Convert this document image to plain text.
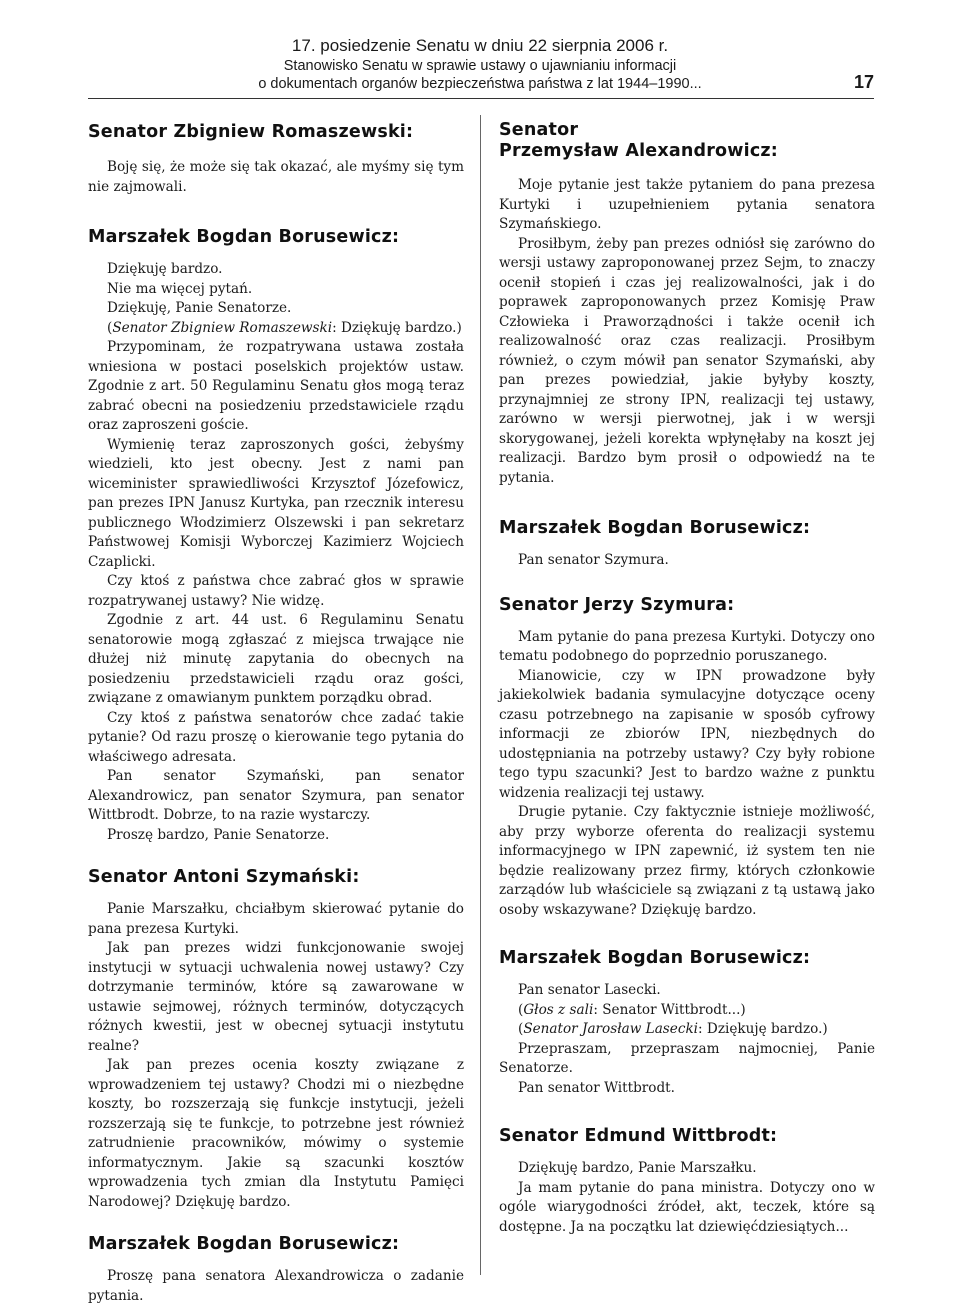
17. posiedzenie Senatu w dniu 22 sierpnia 2006 r.
Stanowisko Senatu w sprawie ustawy o ujawnianiu informacji
o dokumentach organów bezpieczeństwa państwa z lat 1944–1990...	17

Senator Zbigniew Romaszewski:

Boję się, że może się tak okazać, ale myśmy się tym nie zajmowali.

Marszałek Bogdan Borusewicz:

Dziękuję bardzo.

Nie ma więcej pytań.

Dziękuję, Panie Senatorze.

(Senator Zbigniew Romaszewski: Dziękuję bardzo.)

Przypominam, że rozpatrywana ustawa została wniesiona w postaci poselskich projektów ustaw. Zgodnie z art. 50 Regulaminu Senatu głos mogą teraz zabrać obecni na posiedzeniu przedstawiciele rządu oraz zaproszeni goście.

Wymienię teraz zaproszonych gości, żebyśmy wiedzieli, kto jest obecny. Jest z nami pan wiceminister sprawiedliwości Krzysztof Józefowicz, pan prezes IPN Janusz Kurtyka, pan rzecznik interesu publicznego Włodzimierz Olszewski i pan sekretarz Państwowej Komisji Wyborczej Kazimierz Wojciech Czaplicki.

Czy ktoś z państwa chce zabrać głos w sprawie rozpatrywanej ustawy? Nie widzę.

Zgodnie z art. 44 ust. 6 Regulaminu Senatu senatorowie mogą zgłaszać z miejsca trwające nie dłużej niż minutę zapytania do obecnych na posiedzeniu przedstawicieli rządu oraz gości, związane z omawianym punktem porządku obrad.

Czy ktoś z państwa senatorów chce zadać takie pytanie? Od razu proszę o kierowanie tego pytania do właściwego adresata.

Pan senator Szymański, pan senator Alexandrowicz, pan senator Szymura, pan senator Wittbrodt. Dobrze, to na razie wystarczy.

Proszę bardzo, Panie Senatorze.

Senator Antoni Szymański:

Panie Marszałku, chciałbym skierować pytanie do pana prezesa Kurtyki.

Jak pan prezes widzi funkcjonowanie swojej instytucji w sytuacji uchwalenia nowej ustawy? Czy dotrzymanie terminów, które są zawarowane w ustawie sejmowej, różnych terminów, dotyczących różnych kwestii, jest w obecnej sytuacji instytutu realne?

Jak pan prezes ocenia koszty związane z wprowadzeniem tej ustawy? Chodzi mi o niezbędne koszty, bo rozszerzają się funkcje instytucji, jeżeli rozszerzają się te funkcje, to potrzebne jest również zatrudnienie pracowników, mówimy o systemie informatycznym. Jakie są szacunki kosztów wprowadzenia tych zmian dla Instytutu Pamięci Narodowej? Dziękuję bardzo.

Marszałek Bogdan Borusewicz:

Proszę pana senatora Alexandrowicza o zadanie pytania.

Senator

Przemysław Alexandrowicz:

Moje pytanie jest także pytaniem do pana prezesa Kurtyki i uzupełnieniem pytania senatora Szymańskiego.

Prosiłbym, żeby pan prezes odniósł się zarówno do wersji ustawy zaproponowanej przez Sejm, to znaczy ocenił stopień i czas jej realizowalności, jak i do poprawek zaproponowanych przez Komisję Praw Człowieka i Praworządności i także ocenił ich realizowalność oraz czas realizacji. Prosiłbym również, o czym mówił pan senator Szymański, aby pan prezes powiedział, jakie byłyby koszty, przynajmniej ze strony IPN, realizacji tej ustawy, zarówno w wersji pierwotnej, jak i w wersji skorygowanej, jeżeli korekta wpłynęłaby na koszt jej realizacji. Bardzo bym prosił o odpowiedź na te pytania.

Marszałek Bogdan Borusewicz:

Pan senator Szymura.

Senator Jerzy Szymura:

Mam pytanie do pana prezesa Kurtyki. Dotyczy ono tematu podobnego do poprzednio poruszanego.

Mianowicie, czy w IPN prowadzone były jakiekolwiek badania symulacyjne dotyczące oceny czasu potrzebnego na zapisanie w sposób cyfrowy informacji ze zbiorów IPN, niezbędnych do udostępniania na potrzeby ustawy? Czy były robione tego typu szacunki? Jest to bardzo ważne z punktu widzenia realizacji tej ustawy.

Drugie pytanie. Czy faktycznie istnieje możliwość, aby przy wyborze oferenta do realizacji systemu informacyjnego w IPN zapewnić, iż system ten nie będzie realizowany przez firmy, których członkowie zarządów lub właściciele są związani z tą ustawą jako osoby wskazywane? Dziękuję bardzo.

Marszałek Bogdan Borusewicz:

Pan senator Lasecki.

(Głos z sali: Senator Wittbrodt...)

(Senator Jarosław Lasecki: Dziękuję bardzo.)

Przepraszam, przepraszam najmocniej, Panie Senatorze.

Pan senator Wittbrodt.

Senator Edmund Wittbrodt:

Dziękuję bardzo, Panie Marszałku.

Ja mam pytanie do pana ministra. Dotyczy ono w ogóle wiarygodności źródeł, akt, teczek, które są dostępne. Ja na początku lat dziewięćdziesiątych...
